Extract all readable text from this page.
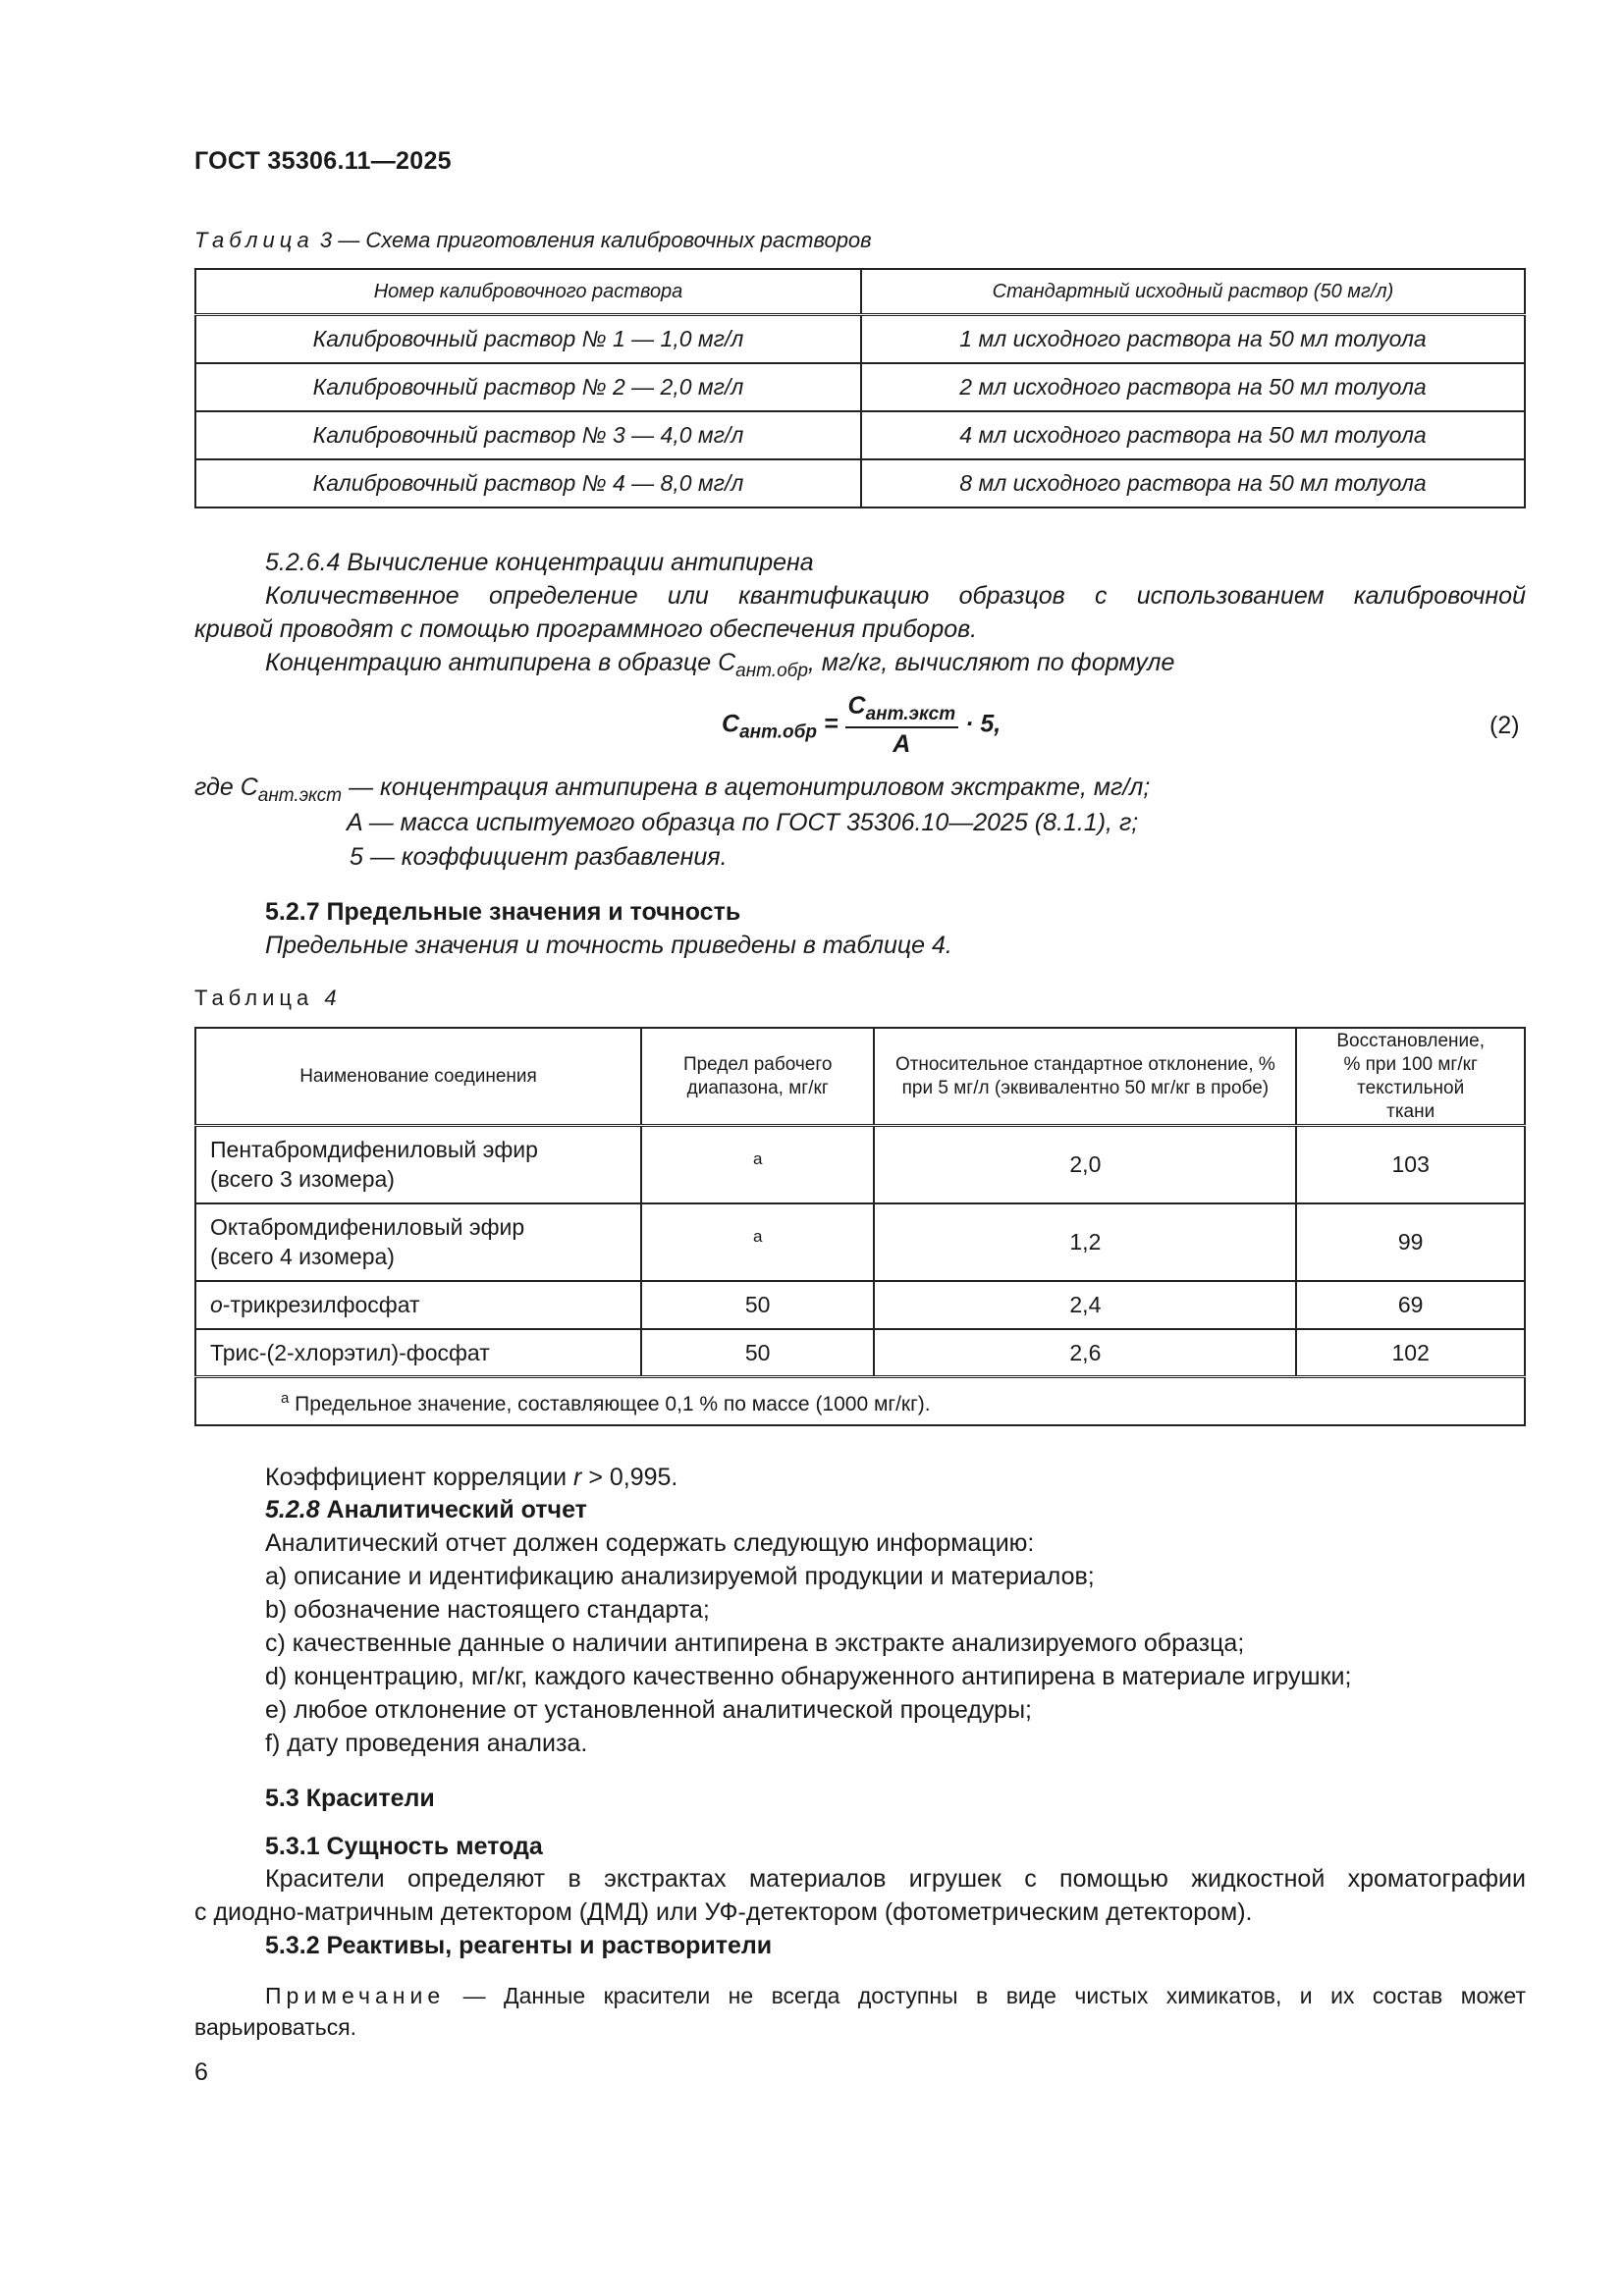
ГОСТ 35306.11—2025
Таблица 3 — Схема приготовления калибровочных растворов
Номер калибровочного раствора	Стандартный исходный раствор (50 мг/л)
Калибровочный раствор № 1 — 1,0 мг/л	1 мл исходного раствора на 50 мл толуола
Калибровочный раствор № 2 — 2,0 мг/л	2 мл исходного раствора на 50 мл толуола
Калибровочный раствор № 3 — 4,0 мг/л	4 мл исходного раствора на 50 мл толуола
Калибровочный раствор № 4 — 8,0 мг/л	8 мл исходного раствора на 50 мл толуола
5.2.6.4 Вычисление концентрации антипирена
Количественное определение или квантификацию образцов с использованием калибровочной
кривой проводят с помощью программного обеспечения приборов.
Концентрацию антипирена в образце $C_{ант.обр}$, мг/кг, вычисляют по формуле
$C_{ант.обр} = \frac{C_{ант.экст}}{A} \cdot 5$,	(2)
где $C_{ант.экст}$ — концентрация антипирена в ацетонитриловом экстракте, мг/л;
A — масса испытуемого образца по ГОСТ 35306.10—2025 (8.1.1), г;
5 — коэффициент разбавления.
5.2.7 Предельные значения и точность
Предельные значения и точность приведены в таблице 4.
Таблица 4
Наименование соединения	Предел рабочего диапазона, мг/кг	Относительное стандартное отклонение, % при 5 мг/л (эквивалентно 50 мг/кг в пробе)	Восстановление, % при 100 мг/кг текстильной ткани

Пентабромдифениловый эфир
(всего 3 изомера)	a	2,0	103

Октабромдифениловый эфир
(всего 4 изомера)	a	1,2	99
о-трикрезилфосфат	50	2,4	69
Трис-(2-хлорэтил)-фосфат	50	2,6	102
$^a$ Предельное значение, составляющее 0,1 % по массе (1000 мг/кг).			
Коэффициент корреляции r > 0,995.
5.2.8 Аналитический отчет
Аналитический отчет должен содержать следующую информацию:
a) описание и идентификацию анализируемой продукции и материалов;
b) обозначение настоящего стандарта;
c) качественные данные о наличии антипирена в экстракте анализируемого образца;
d) концентрацию, мг/кг, каждого качественно обнаруженного антипирена в материале игрушки;
e) любое отклонение от установленной аналитической процедуры;
f) дату проведения анализа.
5.3 Красители
5.3.1 Сущность метода
Красители определяют в экстрактах материалов игрушек с помощью жидкостной хроматографии
с диодно-матричным детектором (ДМД) или УФ-детектором (фотометрическим детектором).
5.3.2 Реактивы, реагенты и растворители
Примечание — Данные красители не всегда доступны в виде чистых химикатов, и их состав может
варьироваться.
6
